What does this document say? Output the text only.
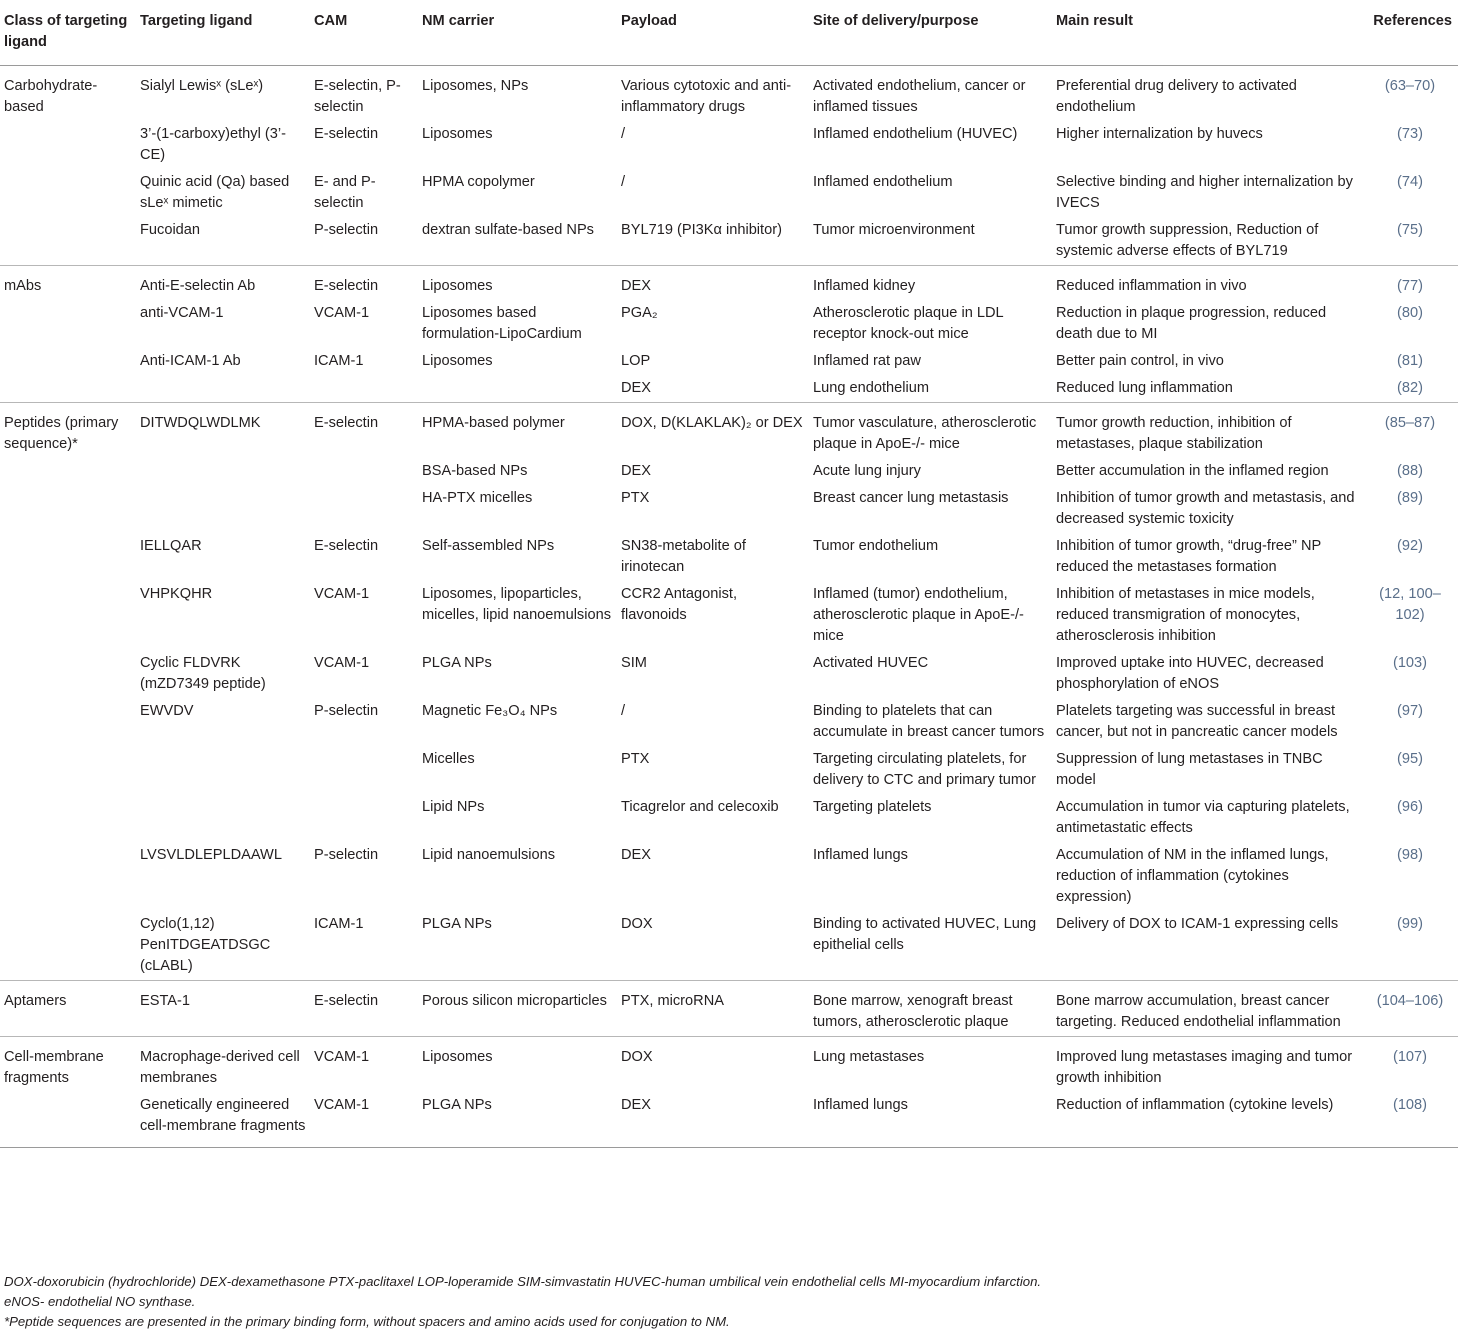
Class of targeting ligand	Targeting ligand	CAM	NM carrier	Payload	Site of delivery/purpose	Main result	References
Carbohydrate-based	Sialyl Lewisˣ (sLeˣ)	E-selectin, P-selectin	Liposomes, NPs	Various cytotoxic and anti-inflammatory drugs	Activated endothelium, cancer or inflamed tissues	Preferential drug delivery to activated endothelium	(63–70)
	3’-(1-carboxy)ethyl (3’-CE)	E-selectin	Liposomes	/	Inflamed endothelium (HUVEC)	Higher internalization by huvecs	(73)
	Quinic acid (Qa) based sLeˣ mimetic	E- and P-selectin	HPMA copolymer	/	Inflamed endothelium	Selective binding and higher internalization by IVECS	(74)
	Fucoidan	P-selectin	dextran sulfate-based NPs	BYL719 (PI3Kα inhibitor)	Tumor microenvironment	Tumor growth suppression, Reduction of systemic adverse effects of BYL719	(75)
mAbs	Anti-E-selectin Ab	E-selectin	Liposomes	DEX	Inflamed kidney	Reduced inflammation in vivo	(77)
	anti-VCAM-1	VCAM-1	Liposomes based formulation-LipoCardium	PGA₂	Atherosclerotic plaque in LDL receptor knock-out mice	Reduction in plaque progression, reduced death due to MI	(80)
	Anti-ICAM-1 Ab	ICAM-1	Liposomes	LOP	Inflamed rat paw	Better pain control, in vivo	(81)
				DEX	Lung endothelium	Reduced lung inflammation	(82)
Peptides (primary sequence)*	DITWDQLWDLMK	E-selectin	HPMA-based polymer	DOX, D(KLAKLAK)₂ or DEX	Tumor vasculature, atherosclerotic plaque in ApoE-/- mice	Tumor growth reduction, inhibition of metastases, plaque stabilization	(85–87)
			BSA-based NPs	DEX	Acute lung injury	Better accumulation in the inflamed region	(88)
			HA-PTX micelles	PTX	Breast cancer lung metastasis	Inhibition of tumor growth and metastasis, and decreased systemic toxicity	(89)
	IELLQAR	E-selectin	Self-assembled NPs	SN38-metabolite of irinotecan	Tumor endothelium	Inhibition of tumor growth, “drug-free” NP reduced the metastases formation	(92)
	VHPKQHR	VCAM-1	Liposomes, lipoparticles, micelles, lipid nanoemulsions	CCR2 Antagonist, flavonoids	Inflamed (tumor) endothelium, atherosclerotic plaque in ApoE-/- mice	Inhibition of metastases in mice models, reduced transmigration of monocytes, atherosclerosis inhibition	(12, 100–102)
	Cyclic FLDVRK (mZD7349 peptide)	VCAM-1	PLGA NPs	SIM	Activated HUVEC	Improved uptake into HUVEC, decreased phosphorylation of eNOS	(103)
	EWVDV	P-selectin	Magnetic Fe₃O₄ NPs	/	Binding to platelets that can accumulate in breast cancer tumors	Platelets targeting was successful in breast cancer, but not in pancreatic cancer models	(97)
			Micelles	PTX	Targeting circulating platelets, for delivery to CTC and primary tumor	Suppression of lung metastases in TNBC model	(95)
			Lipid NPs	Ticagrelor and celecoxib	Targeting platelets	Accumulation in tumor via capturing platelets, antimetastatic effects	(96)
	LVSVLDLEPLDAAWL	P-selectin	Lipid nanoemulsions	DEX	Inflamed lungs	Accumulation of NM in the inflamed lungs, reduction of inflammation (cytokines expression)	(98)
	Cyclo(1,12) PenITDGEATDSGC (cLABL)	ICAM-1	PLGA NPs	DOX	Binding to activated HUVEC, Lung epithelial cells	Delivery of DOX to ICAM-1 expressing cells	(99)
Aptamers	ESTA-1	E-selectin	Porous silicon microparticles	PTX, microRNA	Bone marrow, xenograft breast tumors, atherosclerotic plaque	Bone marrow accumulation, breast cancer targeting. Reduced endothelial inflammation	(104–106)
Cell-membrane fragments	Macrophage-derived cell membranes	VCAM-1	Liposomes	DOX	Lung metastases	Improved lung metastases imaging and tumor growth inhibition	(107)
	Genetically engineered cell-membrane fragments	VCAM-1	PLGA NPs	DEX	Inflamed lungs	Reduction of inflammation (cytokine levels)	(108)
DOX-doxorubicin (hydrochloride) DEX-dexamethasone PTX-paclitaxel LOP-loperamide SIM-simvastatin HUVEC-human umbilical vein endothelial cells MI-myocardium infarction.
eNOS- endothelial NO synthase.
*Peptide sequences are presented in the primary binding form, without spacers and amino acids used for conjugation to NM.
